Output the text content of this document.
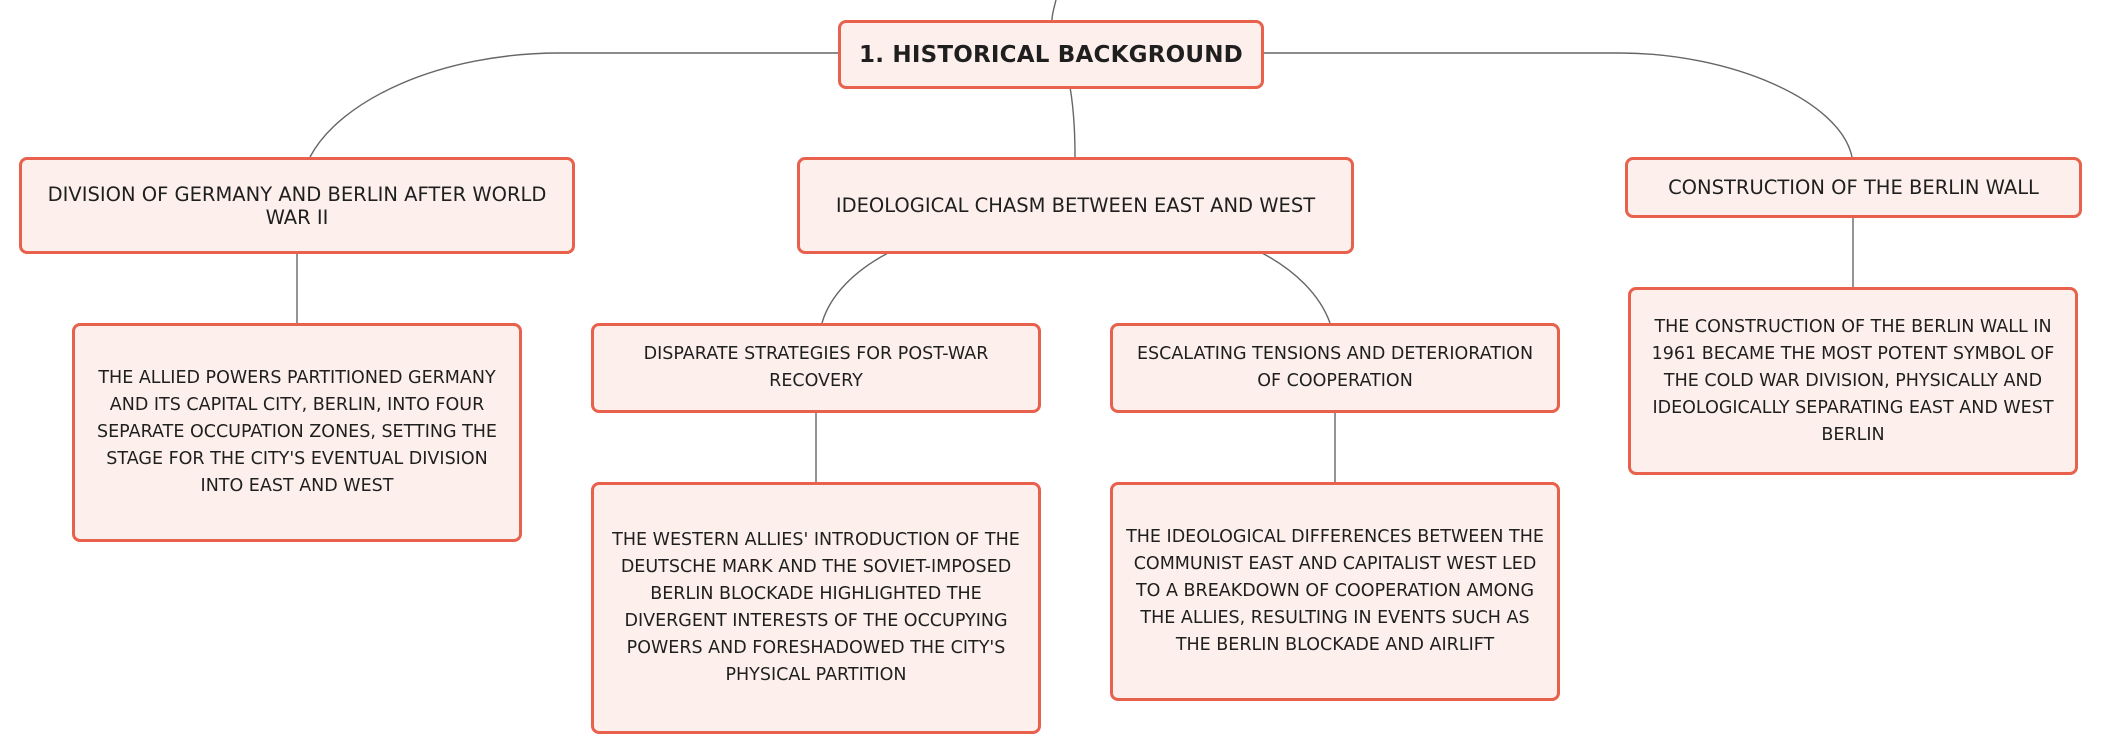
1. HISTORICAL BACKGROUND
DIVISION OF GERMANY AND BERLIN AFTER WORLD WAR II	IDEOLOGICAL CHASM BETWEEN EAST AND WEST
CONSTRUCTION OF THE BERLIN WALL
THE ALLIED POWERS PARTITIONED GERMANY AND ITS CAPITAL CITY, BERLIN, INTO FOUR SEPARATE OCCUPATION ZONES, SETTING THE STAGE FOR THE CITY'S EVENTUAL DIVISION INTO EAST AND WEST
DISPARATE STRATEGIES FOR POST-WAR RECOVERY
ESCALATING TENSIONS AND DETERIORATION OF COOPERATION
THE CONSTRUCTION OF THE BERLIN WALL IN 1961 BECAME THE MOST POTENT SYMBOL OF THE COLD WAR DIVISION, PHYSICALLY AND IDEOLOGICALLY SEPARATING EAST AND WEST BERLIN
THE WESTERN ALLIES' INTRODUCTION OF THE DEUTSCHE MARK AND THE SOVIET-IMPOSED BERLIN BLOCKADE HIGHLIGHTED THE DIVERGENT INTERESTS OF THE OCCUPYING POWERS AND FORESHADOWED THE CITY'S PHYSICAL PARTITION
THE IDEOLOGICAL DIFFERENCES BETWEEN THE COMMUNIST EAST AND CAPITALIST WEST LED TO A BREAKDOWN OF COOPERATION AMONG THE ALLIES, RESULTING IN EVENTS SUCH AS THE BERLIN BLOCKADE AND AIRLIFT
